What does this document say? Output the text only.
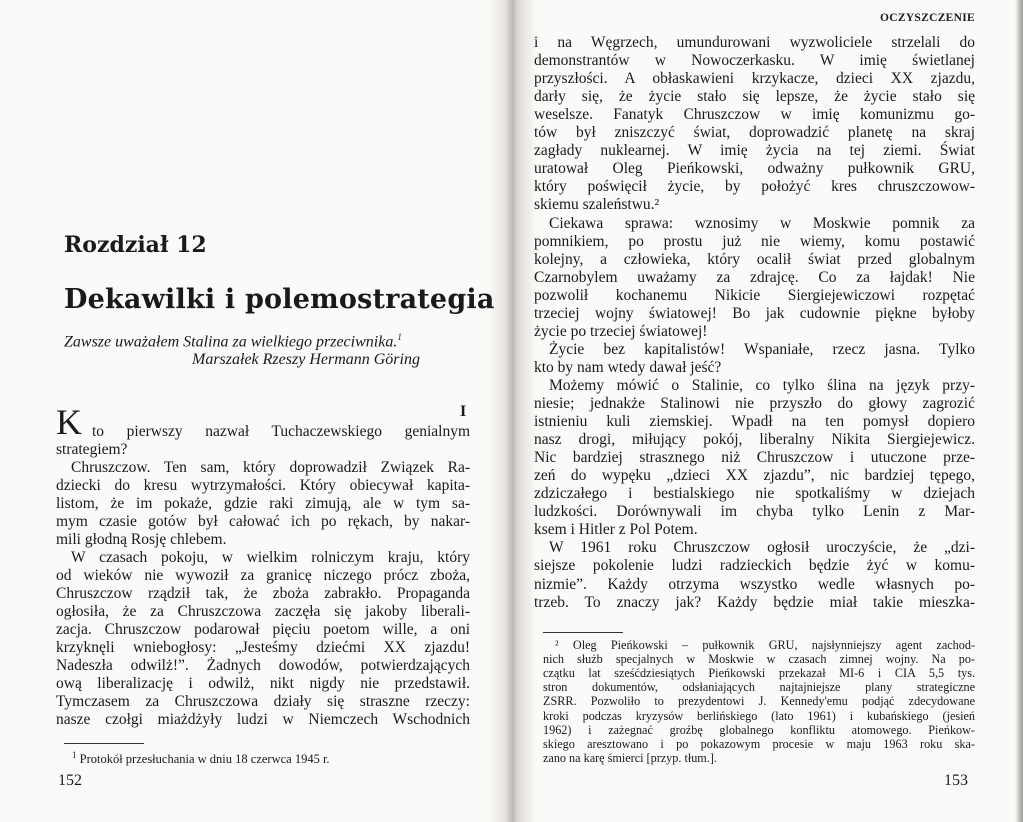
Rozdział 12
Dekawilki i polemostrategia
Zawsze uważałem Stalina za wielkiego przeciwnika.$^1$
Marszałek Rzeszy Hermann Göring
I
K to pierwszy nazwał Tuchaczewskiego genialnym
strategiem?
Chruszczow. Ten sam, który doprowadził Związek Ra-
dziecki do kresu wytrzymałości. Który obiecywał kapita-
listom, że im pokaże, gdzie raki zimują, ale w tym sa-
mym czasie gotów był całować ich po rękach, by nakar-
mili głodną Rosję chlebem.
W czasach pokoju, w wielkim rolniczym kraju, który
od wieków nie wywoził za granicę niczego prócz zboża,
Chruszczow rządził tak, że zboża zabrakło. Propaganda
ogłosiła, że za Chruszczowa zaczęła się jakoby liberali-
zacja. Chruszczow podarował pięciu poetom wille, a oni
krzyknęli wniebogłosy: „Jesteśmy dziećmi XX zjazdu!
Nadeszła odwilż!”. Żadnych dowodów, potwierdzających
ową liberalizację i odwilż, nikt nigdy nie przedstawił.
Tymczasem za Chruszczowa działy się straszne rzeczy:
nasze czołgi miażdżyły ludzi w Niemczech Wschodnich
$^1$ Protokół przesłuchania w dniu 18 czerwca 1945 r.
152
OCZYSZCZENIE
i na Węgrzech, umundurowani wyzwoliciele strzelali do
demonstrantów w Nowoczerkasku. W imię świetlanej
przyszłości. A obłaskawieni krzykacze, dzieci XX zjazdu,
darły się, że życie stało się lepsze, że życie stało się
weselsze. Fanatyk Chruszczow w imię komunizmu go-
tów był zniszczyć świat, doprowadzić planetę na skraj
zagłady nuklearnej. W imię życia na tej ziemi. Świat
uratował Oleg Pieńkowski, odważny pułkownik GRU,
który poświęcił życie, by położyć kres chruszczowow-
skiemu szaleństwu.²
Ciekawa sprawa: wznosimy w Moskwie pomnik za
pomnikiem, po prostu już nie wiemy, komu postawić
kolejny, a człowieka, który ocalił świat przed globalnym
Czarnobylem uważamy za zdrajcę. Co za łajdak! Nie
pozwolił kochanemu Nikicie Siergiejewiczowi rozpętać
trzeciej wojny światowej! Bo jak cudownie piękne byłoby
życie po trzeciej światowej!
Życie bez kapitalistów! Wspaniałe, rzecz jasna. Tylko
kto by nam wtedy dawał jeść?
Możemy mówić o Stalinie, co tylko ślina na język przy-
niesie; jednakże Stalinowi nie przyszło do głowy zagrozić
istnieniu kuli ziemskiej. Wpadł na ten pomysł dopiero
nasz drogi, miłujący pokój, liberalny Nikita Siergiejewicz.
Nic bardziej strasznego niż Chruszczow i utuczone prze-
zeń do wypęku „dzieci XX zjazdu”, nic bardziej tępego,
zdziczałego i bestialskiego nie spotkaliśmy w dziejach
ludzkości. Dorównywali im chyba tylko Lenin z Mar-
ksem i Hitler z Pol Potem.
W 1961 roku Chruszczow ogłosił uroczyście, że „dzi-
siejsze pokolenie ludzi radzieckich będzie żyć w komu-
nizmie”. Każdy otrzyma wszystko wedle własnych po-
trzeb. To znaczy jak? Każdy będzie miał takie mieszka-
² Oleg Pieńkowski – pułkownik GRU, najsłynniejszy agent zachod-
nich służb specjalnych w Moskwie w czasach zimnej wojny. Na po-
czątku lat sześćdziesiątych Pieńkowski przekazał MI-6 i CIA 5,5 tys.
stron dokumentów, odsłaniających najtajniejsze plany strategiczne
ZSRR. Pozwoliło to prezydentowi J. Kennedy'emu podjąć zdecydowane
kroki podczas kryzysów berlińskiego (lato 1961) i kubańskiego (jesień
1962) i zażegnać groźbę globalnego konfliktu atomowego. Pieńkow-
skiego aresztowano i po pokazowym procesie w maju 1963 roku ska-
zano na karę śmierci [przyp. tłum.].
153
